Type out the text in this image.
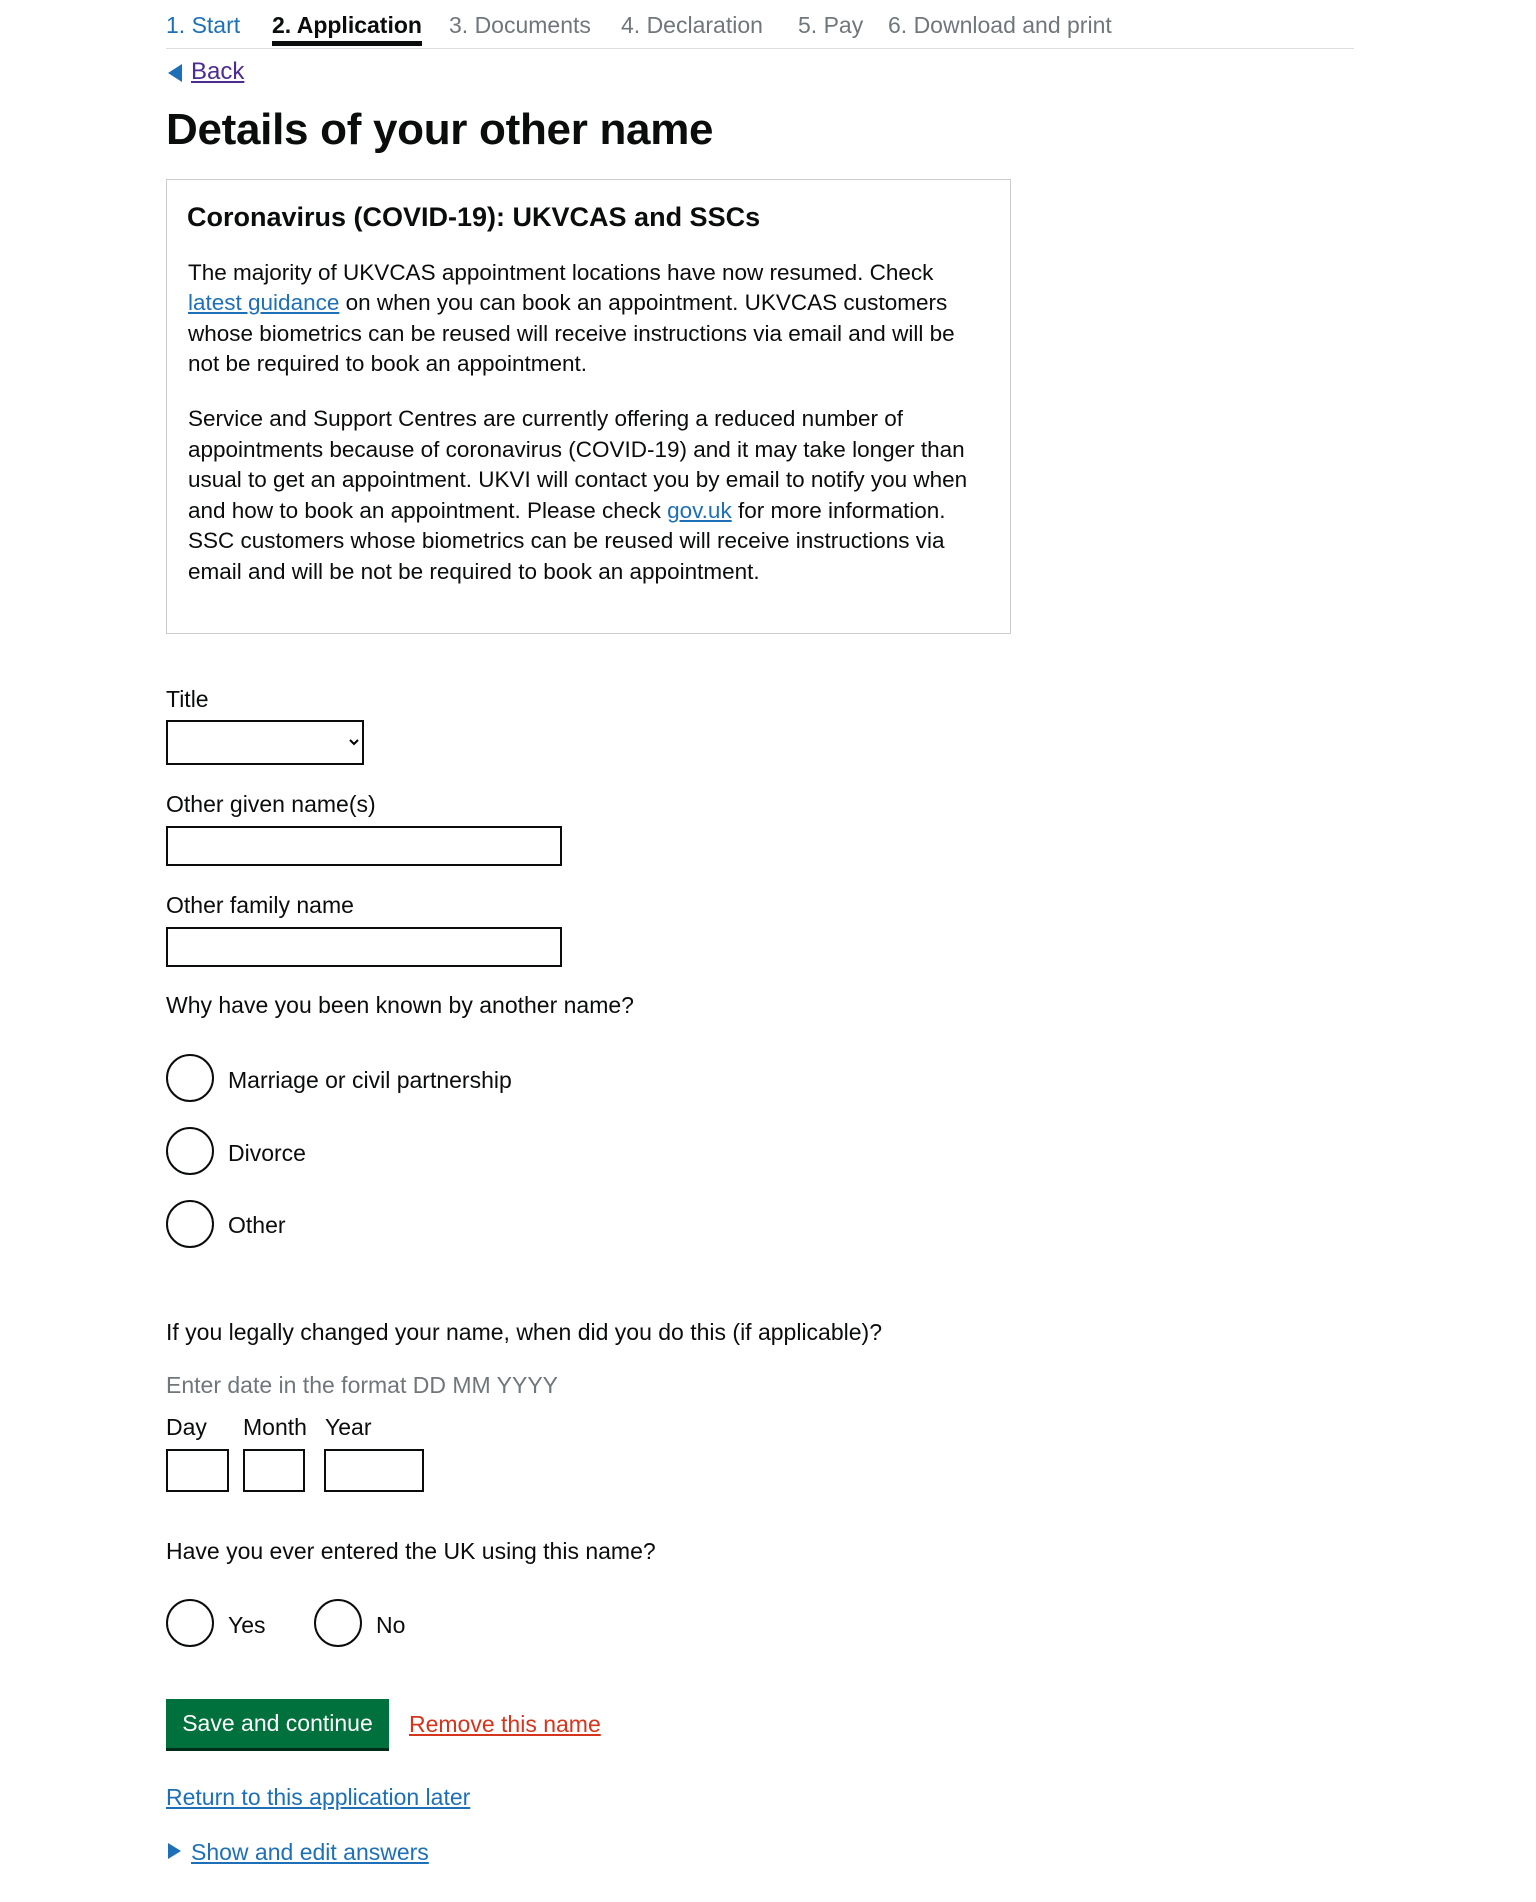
1. Start 2. Application 3. Documents 4. Declaration 5. Pay 6. Download and print
Back
Details of your other name
Coronavirus (COVID-19): UKVCAS and SSCs
The majority of UKVCAS appointment locations have now resumed. Check
latest guidance on when you can book an appointment. UKVCAS customers
whose biometrics can be reused will receive instructions via email and will be
not be required to book an appointment.
Service and Support Centres are currently offering a reduced number of
appointments because of coronavirus (COVID-19) and it may take longer than
usual to get an appointment. UKVI will contact you by email to notify you when
and how to book an appointment. Please check gov.uk for more information.
SSC customers whose biometrics can be reused will receive instructions via
email and will be not be required to book an appointment.
Title
Other given name(s)
Other family name
Why have you been known by another name?
Marriage or civil partnership
Divorce
Other
If you legally changed your name, when did you do this (if applicable)?
Enter date in the format DD MM YYYY
Day Month Year
Have you ever entered the UK using this name?
Yes	No
Save and continue	Remove this name
Return to this application later
Show and edit answers
